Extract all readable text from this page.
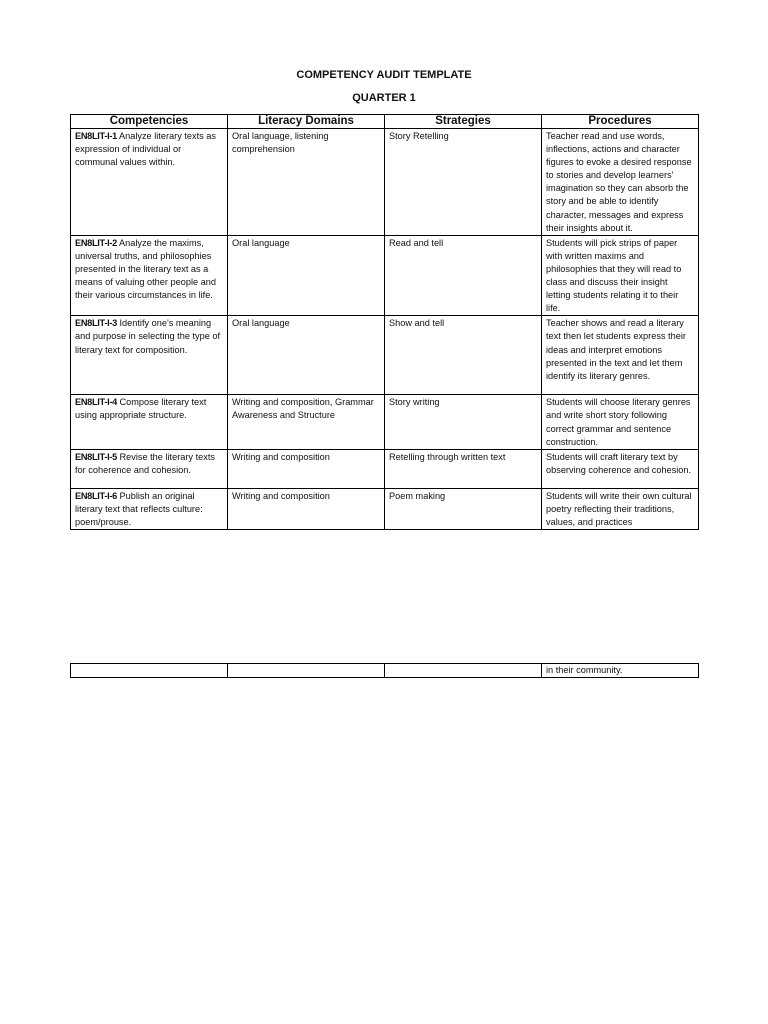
COMPETENCY AUDIT TEMPLATE
QUARTER 1
Competencies	Literacy Domains	Strategies	Procedures
EN8LIT-I-1 Analyze literary texts as expression of individual or communal values within.	Oral language, listening comprehension	Story Retelling	Teacher read and use words, inflections, actions and character figures to evoke a desired response to stories and develop learners' imagination so they can absorb the story and be able to identify character, messages and express their insights about it.
EN8LIT-I-2 Analyze the maxims, universal truths, and philosophies presented in the literary text as a means of valuing other people and their various circumstances in life.	Oral language	Read and tell	Students will pick strips of paper with written maxims and philosophies that they will read to class and discuss their insight letting students relating it to their life.
EN8LIT-I-3 Identify one's meaning and purpose in selecting the type of literary text for composition.	Oral language	Show and tell	Teacher shows and read a literary text then let students express their ideas and interpret emotions presented in the text and let them identify its literary genres.
EN8LIT-I-4 Compose literary text using appropriate structure.	Writing and composition, Grammar Awareness and Structure	Story writing	Students will choose literary genres and write short story following correct grammar and sentence construction.
EN8LIT-I-5 Revise the literary texts for coherence and cohesion.	Writing and composition	Retelling through written text	Students will craft literary text by observing coherence and cohesion.
EN8LIT-I-6 Publish an original literary text that reflects culture: poem/prouse.	Writing and composition	Poem making	Students will write their own cultural poetry reflecting their traditions, values, and practices
			in their community.
